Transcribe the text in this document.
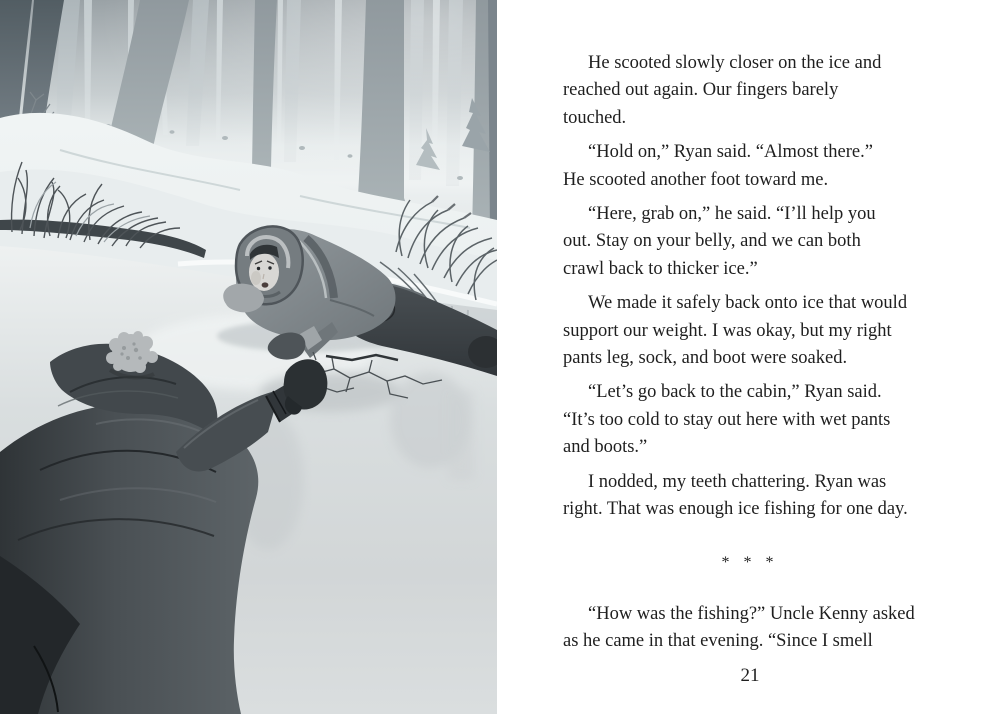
He scooted slowly closer on the ice and
reached out again. Our fingers barely
touched.

“Hold on,” Ryan said. “Almost there.”
He scooted another foot toward me.

“Here, grab on,” he said. “I’ll help you
out. Stay on your belly, and we can both
crawl back to thicker ice.”

We made it safely back onto ice that would
support our weight. I was okay, but my right
pants leg, sock, and boot were soaked.

“Let’s go back to the cabin,” Ryan said.
“It’s too cold to stay out here with wet pants
and boots.”

I nodded, my teeth chattering. Ryan was
right. That was enough ice fishing for one day.

* * *

“How was the fishing?” Uncle Kenny asked
as he came in that evening. “Since I smell

21
